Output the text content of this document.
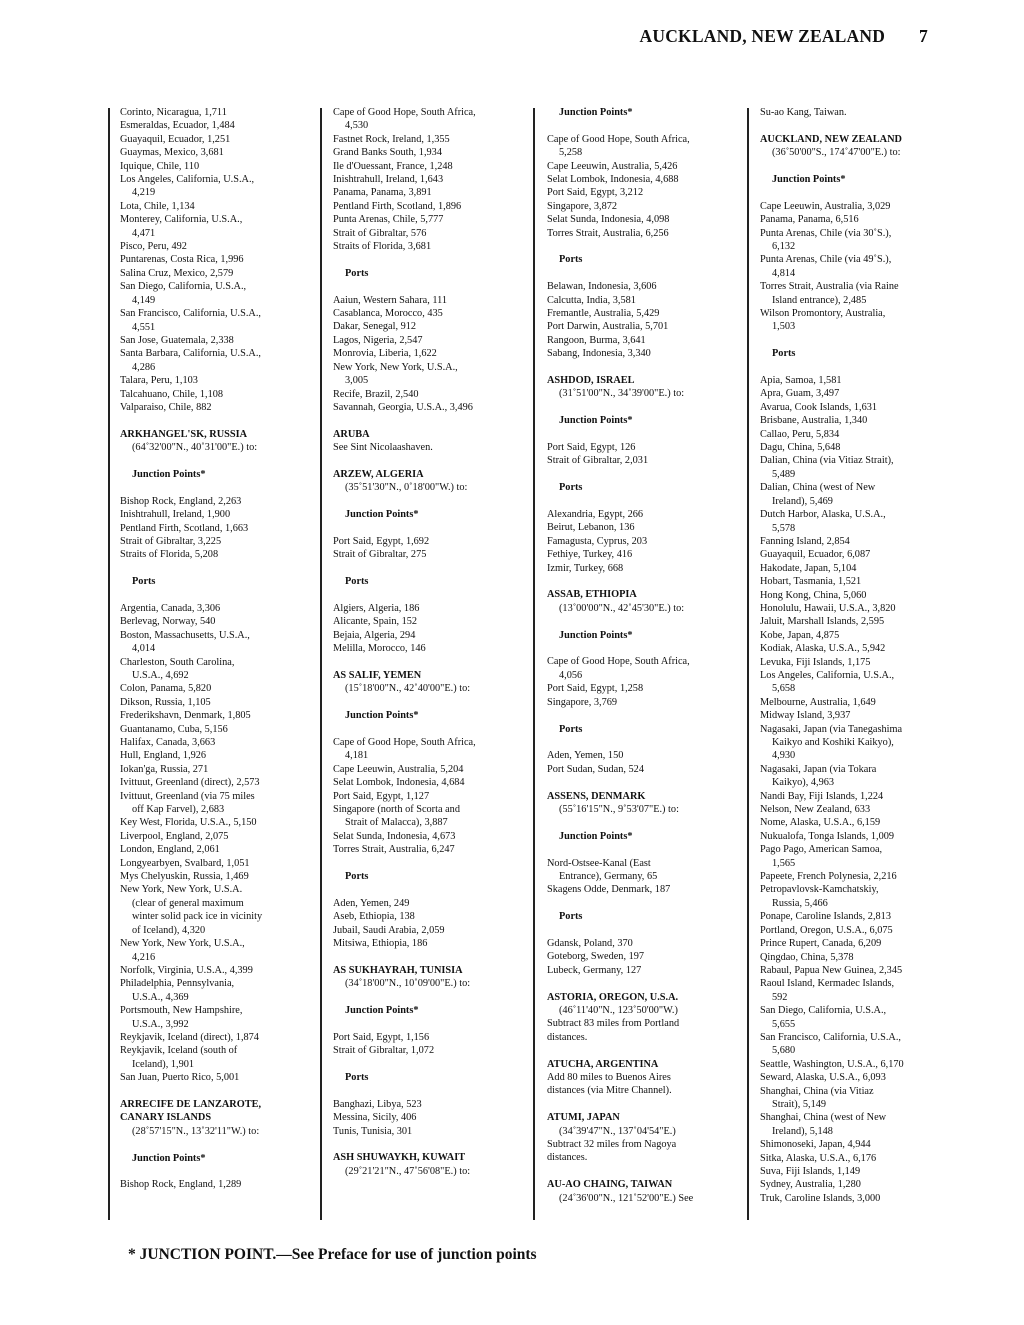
AUCKLAND, NEW ZEALAND 7
Corinto, Nicaragua, 1,711
Esmeraldas, Ecuador, 1,484
Guayaquil, Ecuador, 1,251
Guaymas, Mexico, 3,681
Iquique, Chile, 110
Los Angeles, California, U.S.A.,
4,219
Lota, Chile, 1,134
Monterey, California, U.S.A.,
4,471
Pisco, Peru, 492
Puntarenas, Costa Rica, 1,996
Salina Cruz, Mexico, 2,579
San Diego, California, U.S.A.,
4,149
San Francisco, California, U.S.A.,
4,551
San Jose, Guatemala, 2,338
Santa Barbara, California, U.S.A.,
4,286
Talara, Peru, 1,103
Talcahuano, Chile, 1,108
Valparaiso, Chile, 882
ARKHANGEL'SK, RUSSIA
(64˚32'00"N., 40˚31'00"E.) to:
Junction Points*
Bishop Rock, England, 2,263
Inishtrahull, Ireland, 1,900
Pentland Firth, Scotland, 1,663
Strait of Gibraltar, 3,225
Straits of Florida, 5,208
Ports
Argentia, Canada, 3,306
Berlevag, Norway, 540
Boston, Massachusetts, U.S.A.,
4,014
Charleston, South Carolina,
U.S.A., 4,692
Colon, Panama, 5,820
Dikson, Russia, 1,105
Frederikshavn, Denmark, 1,805
Guantanamo, Cuba, 5,156
Halifax, Canada, 3,663
Hull, England, 1,926
Iokan'ga, Russia, 271
Ivittuut, Greenland (direct), 2,573
Ivittuut, Greenland (via 75 miles
off Kap Farvel), 2,683
Key West, Florida, U.S.A., 5,150
Liverpool, England, 2,075
London, England, 2,061
Longyearbyen, Svalbard, 1,051
Mys Chelyuskin, Russia, 1,469
New York, New York, U.S.A.
(clear of general maximum
winter solid pack ice in vicinity
of Iceland), 4,320
New York, New York, U.S.A.,
4,216
Norfolk, Virginia, U.S.A., 4,399
Philadelphia, Pennsylvania,
U.S.A., 4,369
Portsmouth, New Hampshire,
U.S.A., 3,992
Reykjavik, Iceland (direct), 1,874
Reykjavik, Iceland (south of
Iceland), 1,901
San Juan, Puerto Rico, 5,001
ARRECIFE DE LANZAROTE,
CANARY ISLANDS
(28˚57'15"N., 13˚32'11"W.) to:
Junction Points*
Bishop Rock, England, 1,289
Cape of Good Hope, South Africa,
4,530
Fastnet Rock, Ireland, 1,355
Grand Banks South, 1,934
Ile d'Ouessant, France, 1,248
Inishtrahull, Ireland, 1,643
Panama, Panama, 3,891
Pentland Firth, Scotland, 1,896
Punta Arenas, Chile, 5,777
Strait of Gibraltar, 576
Straits of Florida, 3,681
Ports
Aaiun, Western Sahara, 111
Casablanca, Morocco, 435
Dakar, Senegal, 912
Lagos, Nigeria, 2,547
Monrovia, Liberia, 1,622
New York, New York, U.S.A.,
3,005
Recife, Brazil, 2,540
Savannah, Georgia, U.S.A., 3,496
ARUBA
See Sint Nicolaashaven.
ARZEW, ALGERIA
(35˚51'30"N., 0˚18'00"W.) to:
Junction Points*
Port Said, Egypt, 1,692
Strait of Gibraltar, 275
Ports
Algiers, Algeria, 186
Alicante, Spain, 152
Bejaia, Algeria, 294
Melilla, Morocco, 146
AS SALIF, YEMEN
(15˚18'00"N., 42˚40'00"E.) to:
Junction Points*
Cape of Good Hope, South Africa,
4,181
Cape Leeuwin, Australia, 5,204
Selat Lombok, Indonesia, 4,684
Port Said, Egypt, 1,127
Singapore (north of Scorta and
Strait of Malacca), 3,887
Selat Sunda, Indonesia, 4,673
Torres Strait, Australia, 6,247
Ports
Aden, Yemen, 249
Aseb, Ethiopia, 138
Jubail, Saudi Arabia, 2,059
Mitsiwa, Ethiopia, 186
AS SUKHAYRAH, TUNISIA
(34˚18'00"N., 10˚09'00"E.) to:
Junction Points*
Port Said, Egypt, 1,156
Strait of Gibraltar, 1,072
Ports
Banghazi, Libya, 523
Messina, Sicily, 406
Tunis, Tunisia, 301
ASH SHUWAYKH, KUWAIT
(29˚21'21"N., 47˚56'08"E.) to:
Junction Points*
Cape of Good Hope, South Africa,
5,258
Cape Leeuwin, Australia, 5,426
Selat Lombok, Indonesia, 4,688
Port Said, Egypt, 3,212
Singapore, 3,872
Selat Sunda, Indonesia, 4,098
Torres Strait, Australia, 6,256
Ports
Belawan, Indonesia, 3,606
Calcutta, India, 3,581
Fremantle, Australia, 5,429
Port Darwin, Australia, 5,701
Rangoon, Burma, 3,641
Sabang, Indonesia, 3,340
ASHDOD, ISRAEL
(31˚51'00"N., 34˚39'00"E.) to:
Junction Points*
Port Said, Egypt, 126
Strait of Gibraltar, 2,031
Ports
Alexandria, Egypt, 266
Beirut, Lebanon, 136
Famagusta, Cyprus, 203
Fethiye, Turkey, 416
Izmir, Turkey, 668
ASSAB, ETHIOPIA
(13˚00'00"N., 42˚45'30"E.) to:
Junction Points*
Cape of Good Hope, South Africa,
4,056
Port Said, Egypt, 1,258
Singapore, 3,769
Ports
Aden, Yemen, 150
Port Sudan, Sudan, 524
ASSENS, DENMARK
(55˚16'15"N., 9˚53'07"E.) to:
Junction Points*
Nord-Ostsee-Kanal (East
Entrance), Germany, 65
Skagens Odde, Denmark, 187
Ports
Gdansk, Poland, 370
Goteborg, Sweden, 197
Lubeck, Germany, 127
ASTORIA, OREGON, U.S.A.
(46˚11'40"N., 123˚50'00"W.)
Subtract 83 miles from Portland
distances.
ATUCHA, ARGENTINA
Add 80 miles to Buenos Aires
distances (via Mitre Channel).
ATUMI, JAPAN
(34˚39'47"N., 137˚04'54"E.)
Subtract 32 miles from Nagoya
distances.
AU-AO CHAING, TAIWAN
(24˚36'00"N., 121˚52'00"E.) See
Su-ao Kang, Taiwan.
AUCKLAND, NEW ZEALAND
(36˚50'00"S., 174˚47'00"E.) to:
Junction Points*
Cape Leeuwin, Australia, 3,029
Panama, Panama, 6,516
Punta Arenas, Chile (via 30˚S.),
6,132
Punta Arenas, Chile (via 49˚S.),
4,814
Torres Strait, Australia (via Raine
Island entrance), 2,485
Wilson Promontory, Australia,
1,503
Ports
Apia, Samoa, 1,581
Apra, Guam, 3,497
Avarua, Cook Islands, 1,631
Brisbane, Australia, 1,340
Callao, Peru, 5,834
Dagu, China, 5,648
Dalian, China (via Vitiaz Strait),
5,489
Dalian, China (west of New
Ireland), 5,469
Dutch Harbor, Alaska, U.S.A.,
5,578
Fanning Island, 2,854
Guayaquil, Ecuador, 6,087
Hakodate, Japan, 5,104
Hobart, Tasmania, 1,521
Hong Kong, China, 5,060
Honolulu, Hawaii, U.S.A., 3,820
Jaluit, Marshall Islands, 2,595
Kobe, Japan, 4,875
Kodiak, Alaska, U.S.A., 5,942
Levuka, Fiji Islands, 1,175
Los Angeles, California, U.S.A.,
5,658
Melbourne, Australia, 1,649
Midway Island, 3,937
Nagasaki, Japan (via Tanegashima
Kaikyo and Koshiki Kaikyo),
4,930
Nagasaki, Japan (via Tokara
Kaikyo), 4,963
Nandi Bay, Fiji Islands, 1,224
Nelson, New Zealand, 633
Nome, Alaska, U.S.A., 6,159
Nukualofa, Tonga Islands, 1,009
Pago Pago, American Samoa,
1,565
Papeete, French Polynesia, 2,216
Petropavlovsk-Kamchatskiy,
Russia, 5,466
Ponape, Caroline Islands, 2,813
Portland, Oregon, U.S.A., 6,075
Prince Rupert, Canada, 6,209
Qingdao, China, 5,378
Rabaul, Papua New Guinea, 2,345
Raoul Island, Kermadec Islands,
592
San Diego, California, U.S.A.,
5,655
San Francisco, California, U.S.A.,
5,680
Seattle, Washington, U.S.A., 6,170
Seward, Alaska, U.S.A., 6,093
Shanghai, China (via Vitiaz
Strait), 5,149
Shanghai, China (west of New
Ireland), 5,148
Shimonoseki, Japan, 4,944
Sitka, Alaska, U.S.A., 6,176
Suva, Fiji Islands, 1,149
Sydney, Australia, 1,280
Truk, Caroline Islands, 3,000
* JUNCTION POINT.—See Preface for use of junction points
